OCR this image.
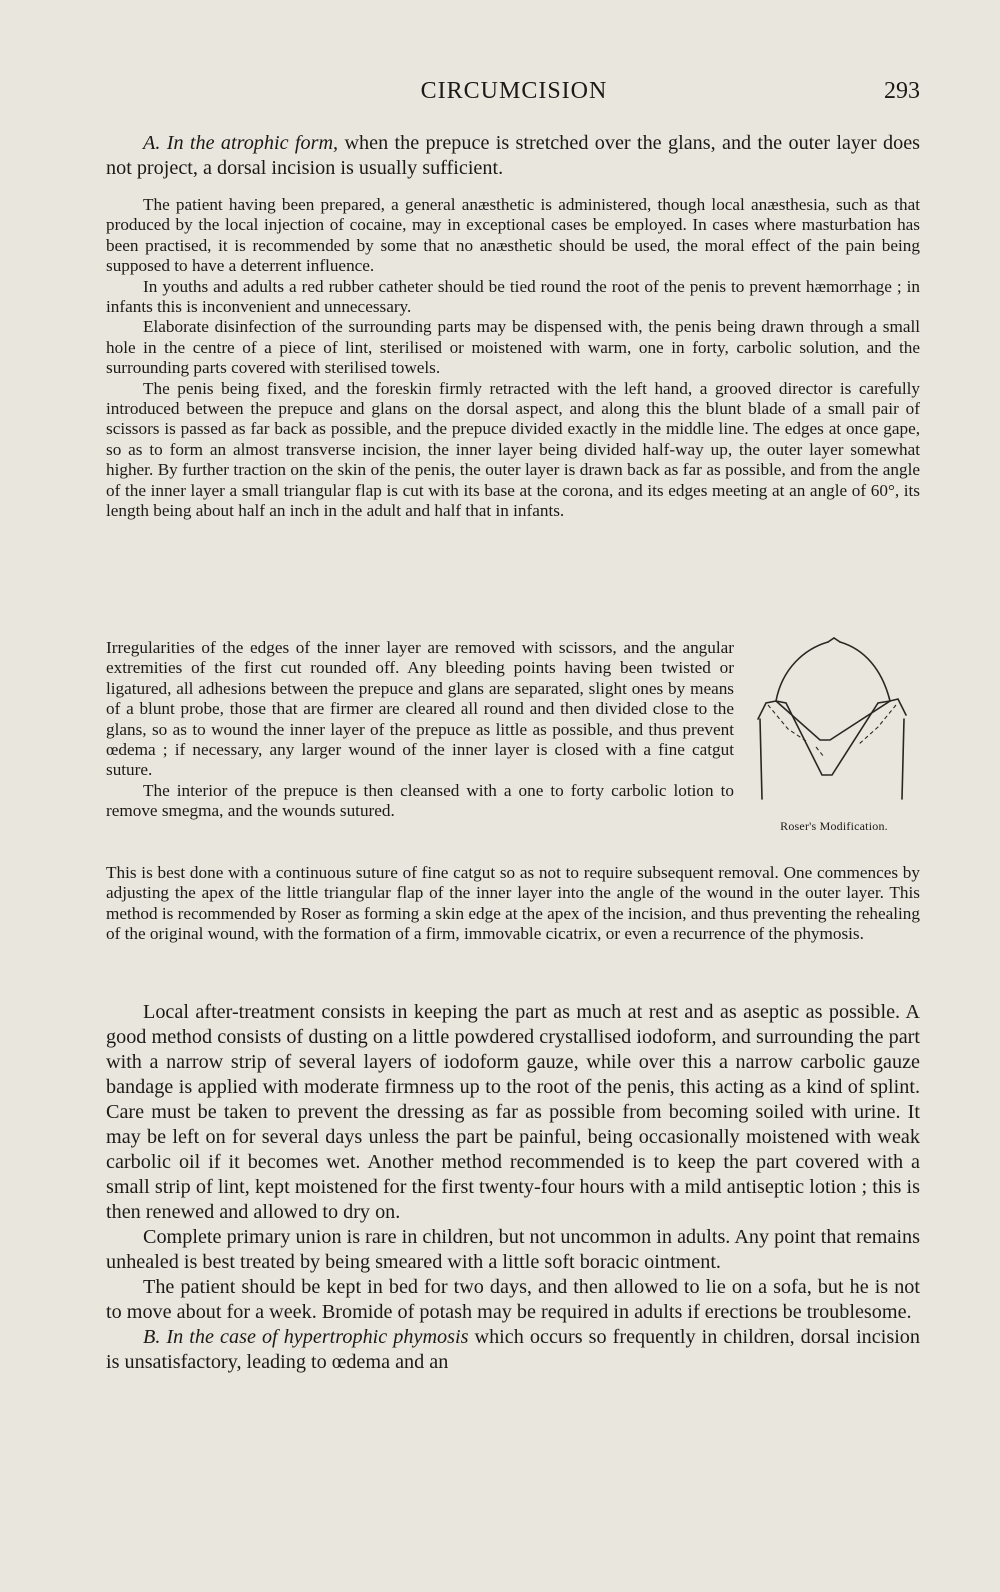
CIRCUMCISION	293

A. In the atrophic form, when the prepuce is stretched over the glans, and the outer layer does not project, a dorsal incision is usually sufficient.

The patient having been prepared, a general anæsthetic is administered, though local anæsthesia, such as that produced by the local injection of cocaine, may in exceptional cases be employed. In cases where masturbation has been practised, it is recommended by some that no anæsthetic should be used, the moral effect of the pain being supposed to have a deterrent influence.

In youths and adults a red rubber catheter should be tied round the root of the penis to prevent hæmorrhage ; in infants this is inconvenient and unnecessary.

Elaborate disinfection of the surrounding parts may be dispensed with, the penis being drawn through a small hole in the centre of a piece of lint, sterilised or moistened with warm, one in forty, carbolic solution, and the surrounding parts covered with sterilised towels.

The penis being fixed, and the foreskin firmly retracted with the left hand, a grooved director is carefully introduced between the prepuce and glans on the dorsal aspect, and along this the blunt blade of a small pair of scissors is passed as far back as possible, and the prepuce divided exactly in the middle line. The edges at once gape, so as to form an almost transverse incision, the inner layer being divided half-way up, the outer layer somewhat higher. By further traction on the skin of the penis, the outer layer is drawn back as far as possible, and from the angle of the inner layer a small triangular flap is cut with its base at the corona, and its edges meeting at an angle of 60°, its length being about half an inch in the adult and half that in infants.

Irregularities of the edges of the inner layer are removed with scissors, and the angular extremities of the first cut rounded off. Any bleeding points having been twisted or ligatured, all adhesions between the prepuce and glans are separated, slight ones by means of a blunt probe, those that are firmer are cleared all round and then divided close to the glans, so as to wound the inner layer of the prepuce as little as possible, and thus prevent œdema ; if necessary, any larger wound of the inner layer is closed with a fine catgut suture.

The interior of the prepuce is then cleansed with a one to forty carbolic lotion to remove smegma, and the wounds sutured.

Roser's Modification.

This is best done with a continuous suture of fine catgut so as not to require subsequent removal. One commences by adjusting the apex of the little triangular flap of the inner layer into the angle of the wound in the outer layer. This method is recommended by Roser as forming a skin edge at the apex of the incision, and thus preventing the rehealing of the original wound, with the formation of a firm, immovable cicatrix, or even a recurrence of the phymosis.

Local after-treatment consists in keeping the part as much at rest and as aseptic as possible. A good method consists of dusting on a little powdered crystallised iodoform, and surrounding the part with a narrow strip of several layers of iodoform gauze, while over this a narrow carbolic gauze bandage is applied with moderate firmness up to the root of the penis, this acting as a kind of splint. Care must be taken to prevent the dressing as far as possible from becoming soiled with urine. It may be left on for several days unless the part be painful, being occasionally moistened with weak carbolic oil if it becomes wet. Another method recommended is to keep the part covered with a small strip of lint, kept moistened for the first twenty-four hours with a mild antiseptic lotion ; this is then renewed and allowed to dry on.

Complete primary union is rare in children, but not uncommon in adults. Any point that remains unhealed is best treated by being smeared with a little soft boracic ointment.

The patient should be kept in bed for two days, and then allowed to lie on a sofa, but he is not to move about for a week. Bromide of potash may be required in adults if erections be troublesome.

B. In the case of hypertrophic phymosis which occurs so frequently in children, dorsal incision is unsatisfactory, leading to œdema and an
